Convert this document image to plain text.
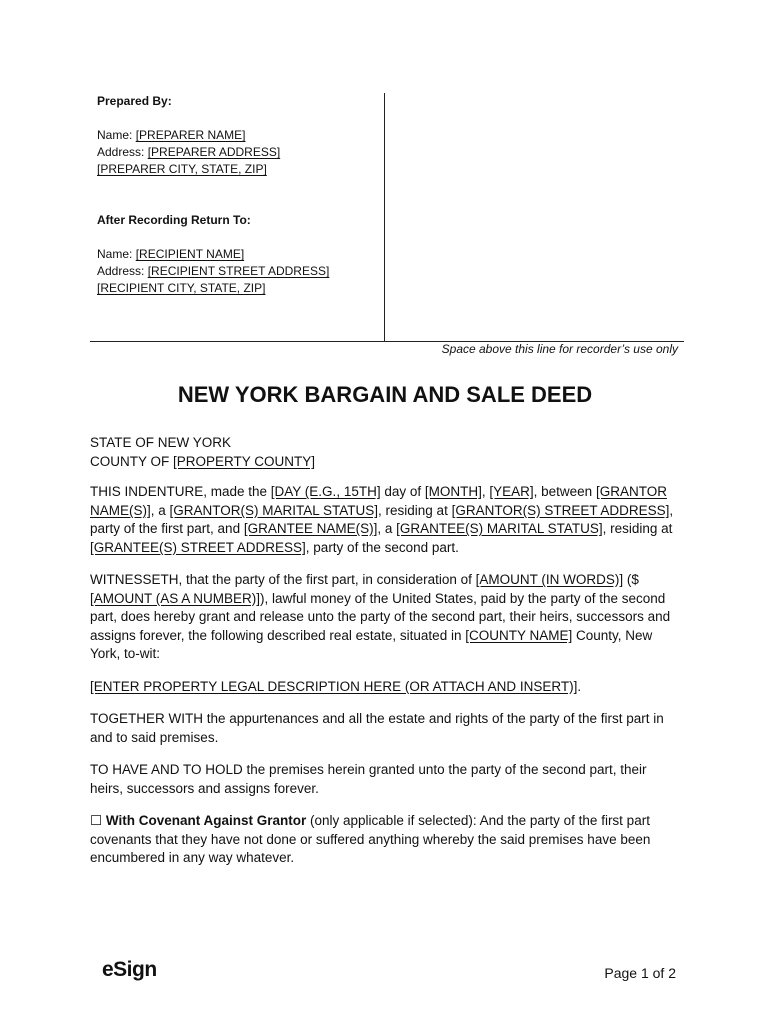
Prepared By:
Name: [PREPARER NAME]
Address: [PREPARER ADDRESS]
[PREPARER CITY, STATE, ZIP]
After Recording Return To:
Name: [RECIPIENT NAME]
Address: [RECIPIENT STREET ADDRESS]
[RECIPIENT CITY, STATE, ZIP]
Space above this line for recorder’s use only
NEW YORK BARGAIN AND SALE DEED
STATE OF NEW YORK
COUNTY OF [PROPERTY COUNTY]

THIS INDENTURE, made the [DAY (E.G., 15TH] day of [MONTH], [YEAR], between [GRANTOR NAME(S)], a [GRANTOR(S) MARITAL STATUS], residing at [GRANTOR(S) STREET ADDRESS], party of the first part, and [GRANTEE NAME(S)], a [GRANTEE(S) MARITAL STATUS], residing at [GRANTEE(S) STREET ADDRESS], party of the second part.

WITNESSETH, that the party of the first part, in consideration of [AMOUNT (IN WORDS)] ($ [AMOUNT (AS A NUMBER)]), lawful money of the United States, paid by the party of the second part, does hereby grant and release unto the party of the second part, their heirs, successors and assigns forever, the following described real estate, situated in [COUNTY NAME] County, New York, to-wit:

[ENTER PROPERTY LEGAL DESCRIPTION HERE (OR ATTACH AND INSERT)].

TOGETHER WITH the appurtenances and all the estate and rights of the party of the first part in and to said premises.

TO HAVE AND TO HOLD the premises herein granted unto the party of the second part, their heirs, successors and assigns forever.

☐ With Covenant Against Grantor (only applicable if selected): And the party of the first part covenants that they have not done or suffered anything whereby the said premises have been encumbered in any way whatever.

eSign	Page 1 of 2
